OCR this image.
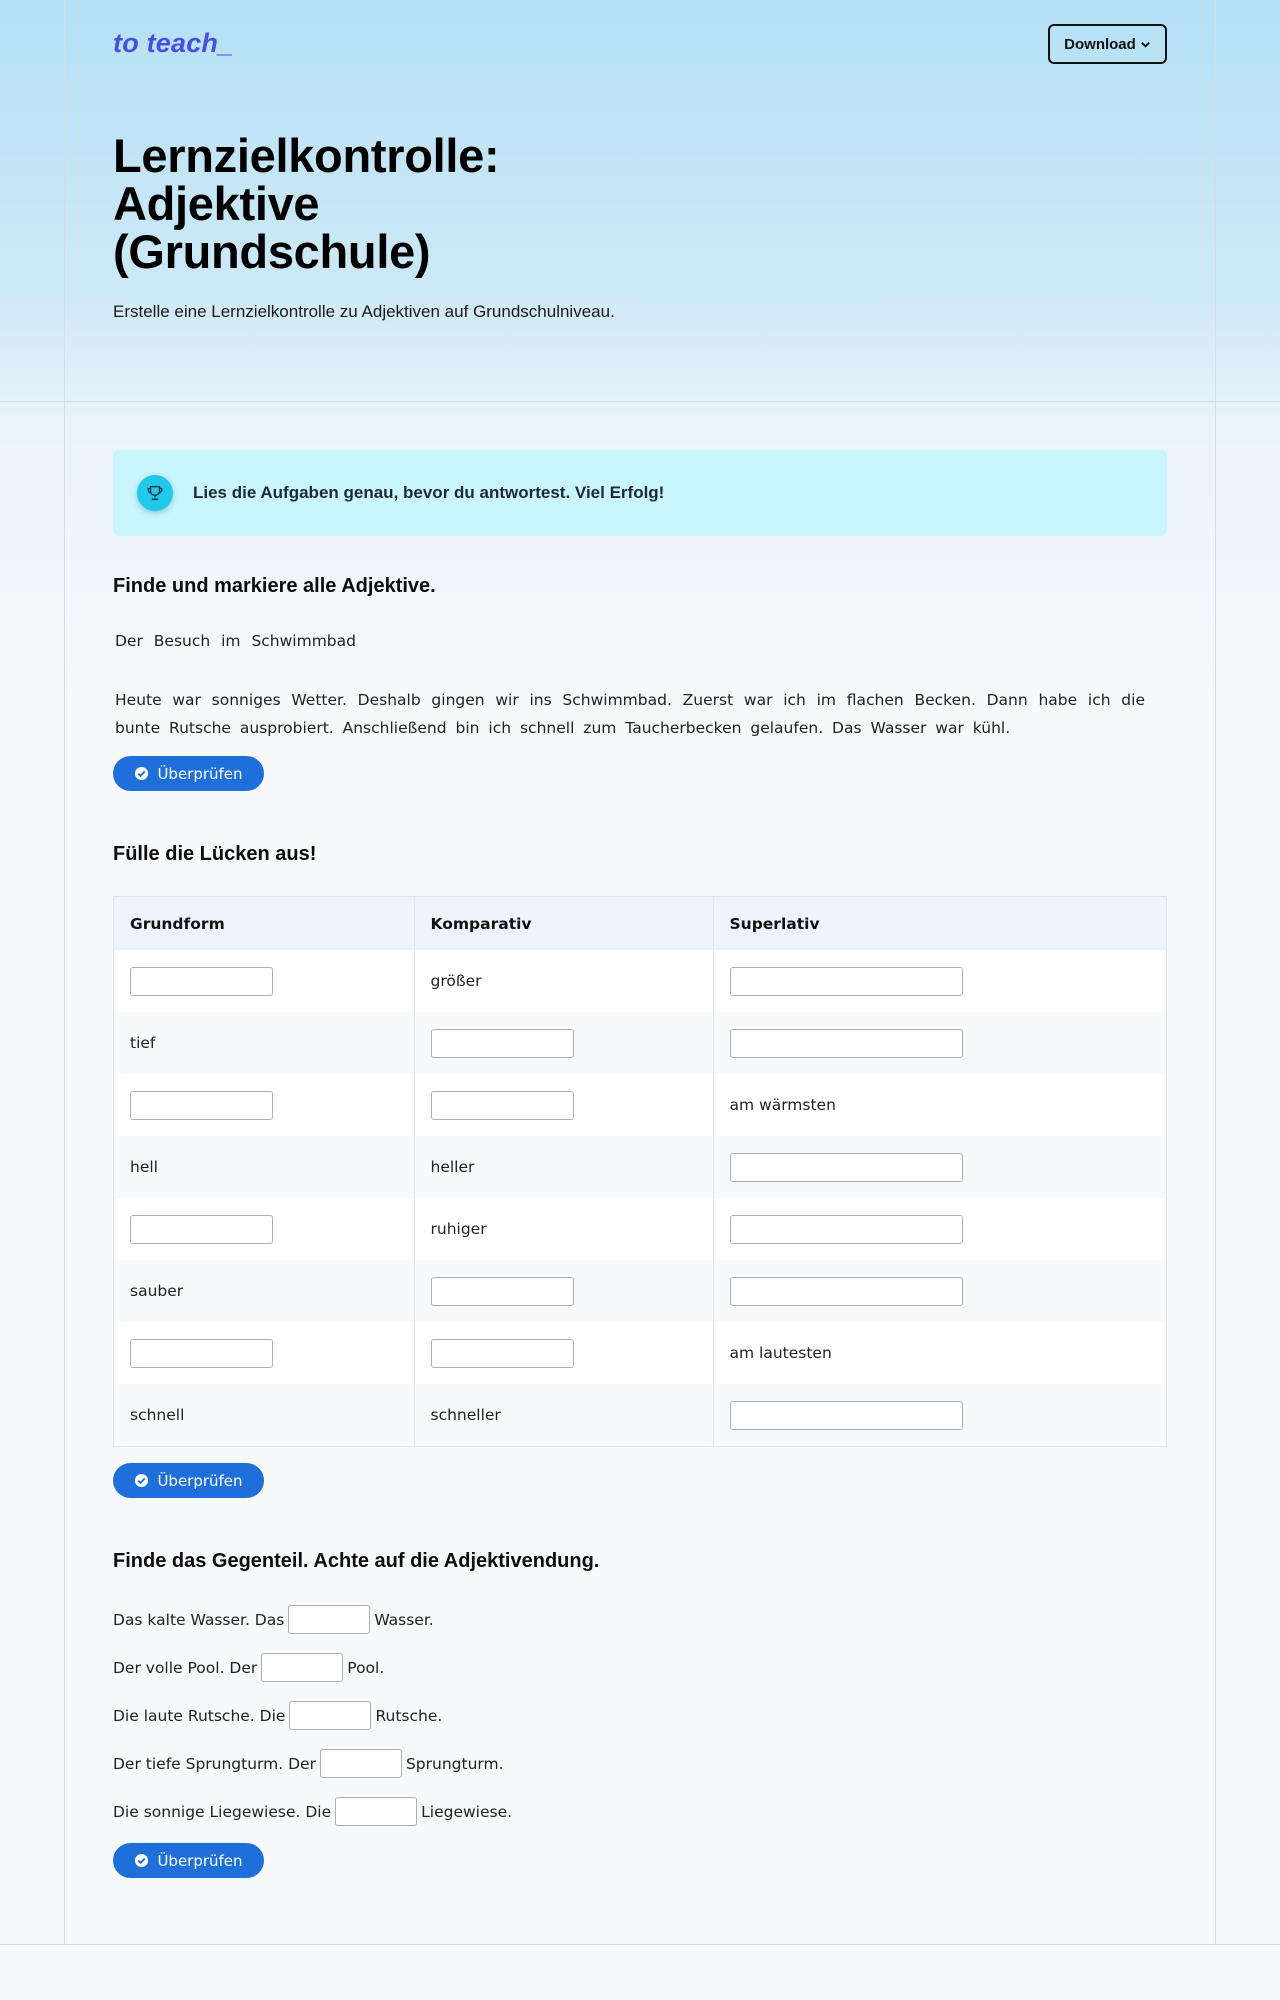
to teach_	Download
Lernzielkontrolle: Adjektive (Grundschule)

Erstelle eine Lernzielkontrolle zu Adjektiven auf Grundschulniveau.

Lies die Aufgaben genau, bevor du antwortest. Viel Erfolg!
Finde und markiere alle Adjektive.
Der Besuch im Schwimmbad
Heute war sonniges Wetter. Deshalb gingen wir ins Schwimmbad. Zuerst war ich im flachen Becken. Dann habe ich die bunte Rutsche ausprobiert. Anschließend bin ich schnell zum Taucherbecken gelaufen. Das Wasser war kühl.
Überprüfen
Fülle die Lücken aus!
Grundform	Komparativ	Superlativ
	größer	
tief		
		am wärmsten
hell	heller	
	ruhiger	
sauber		
		am lautesten
schnell	schneller	
Überprüfen
Finde das Gegenteil. Achte auf die Adjektivendung.
Das kalte Wasser. Das	Wasser.
Der volle Pool. Der	Pool.
Die laute Rutsche. Die	Rutsche.
Der tiefe Sprungturm. Der	Sprungturm.
Die sonnige Liegewiese. Die	Liegewiese.
Überprüfen
